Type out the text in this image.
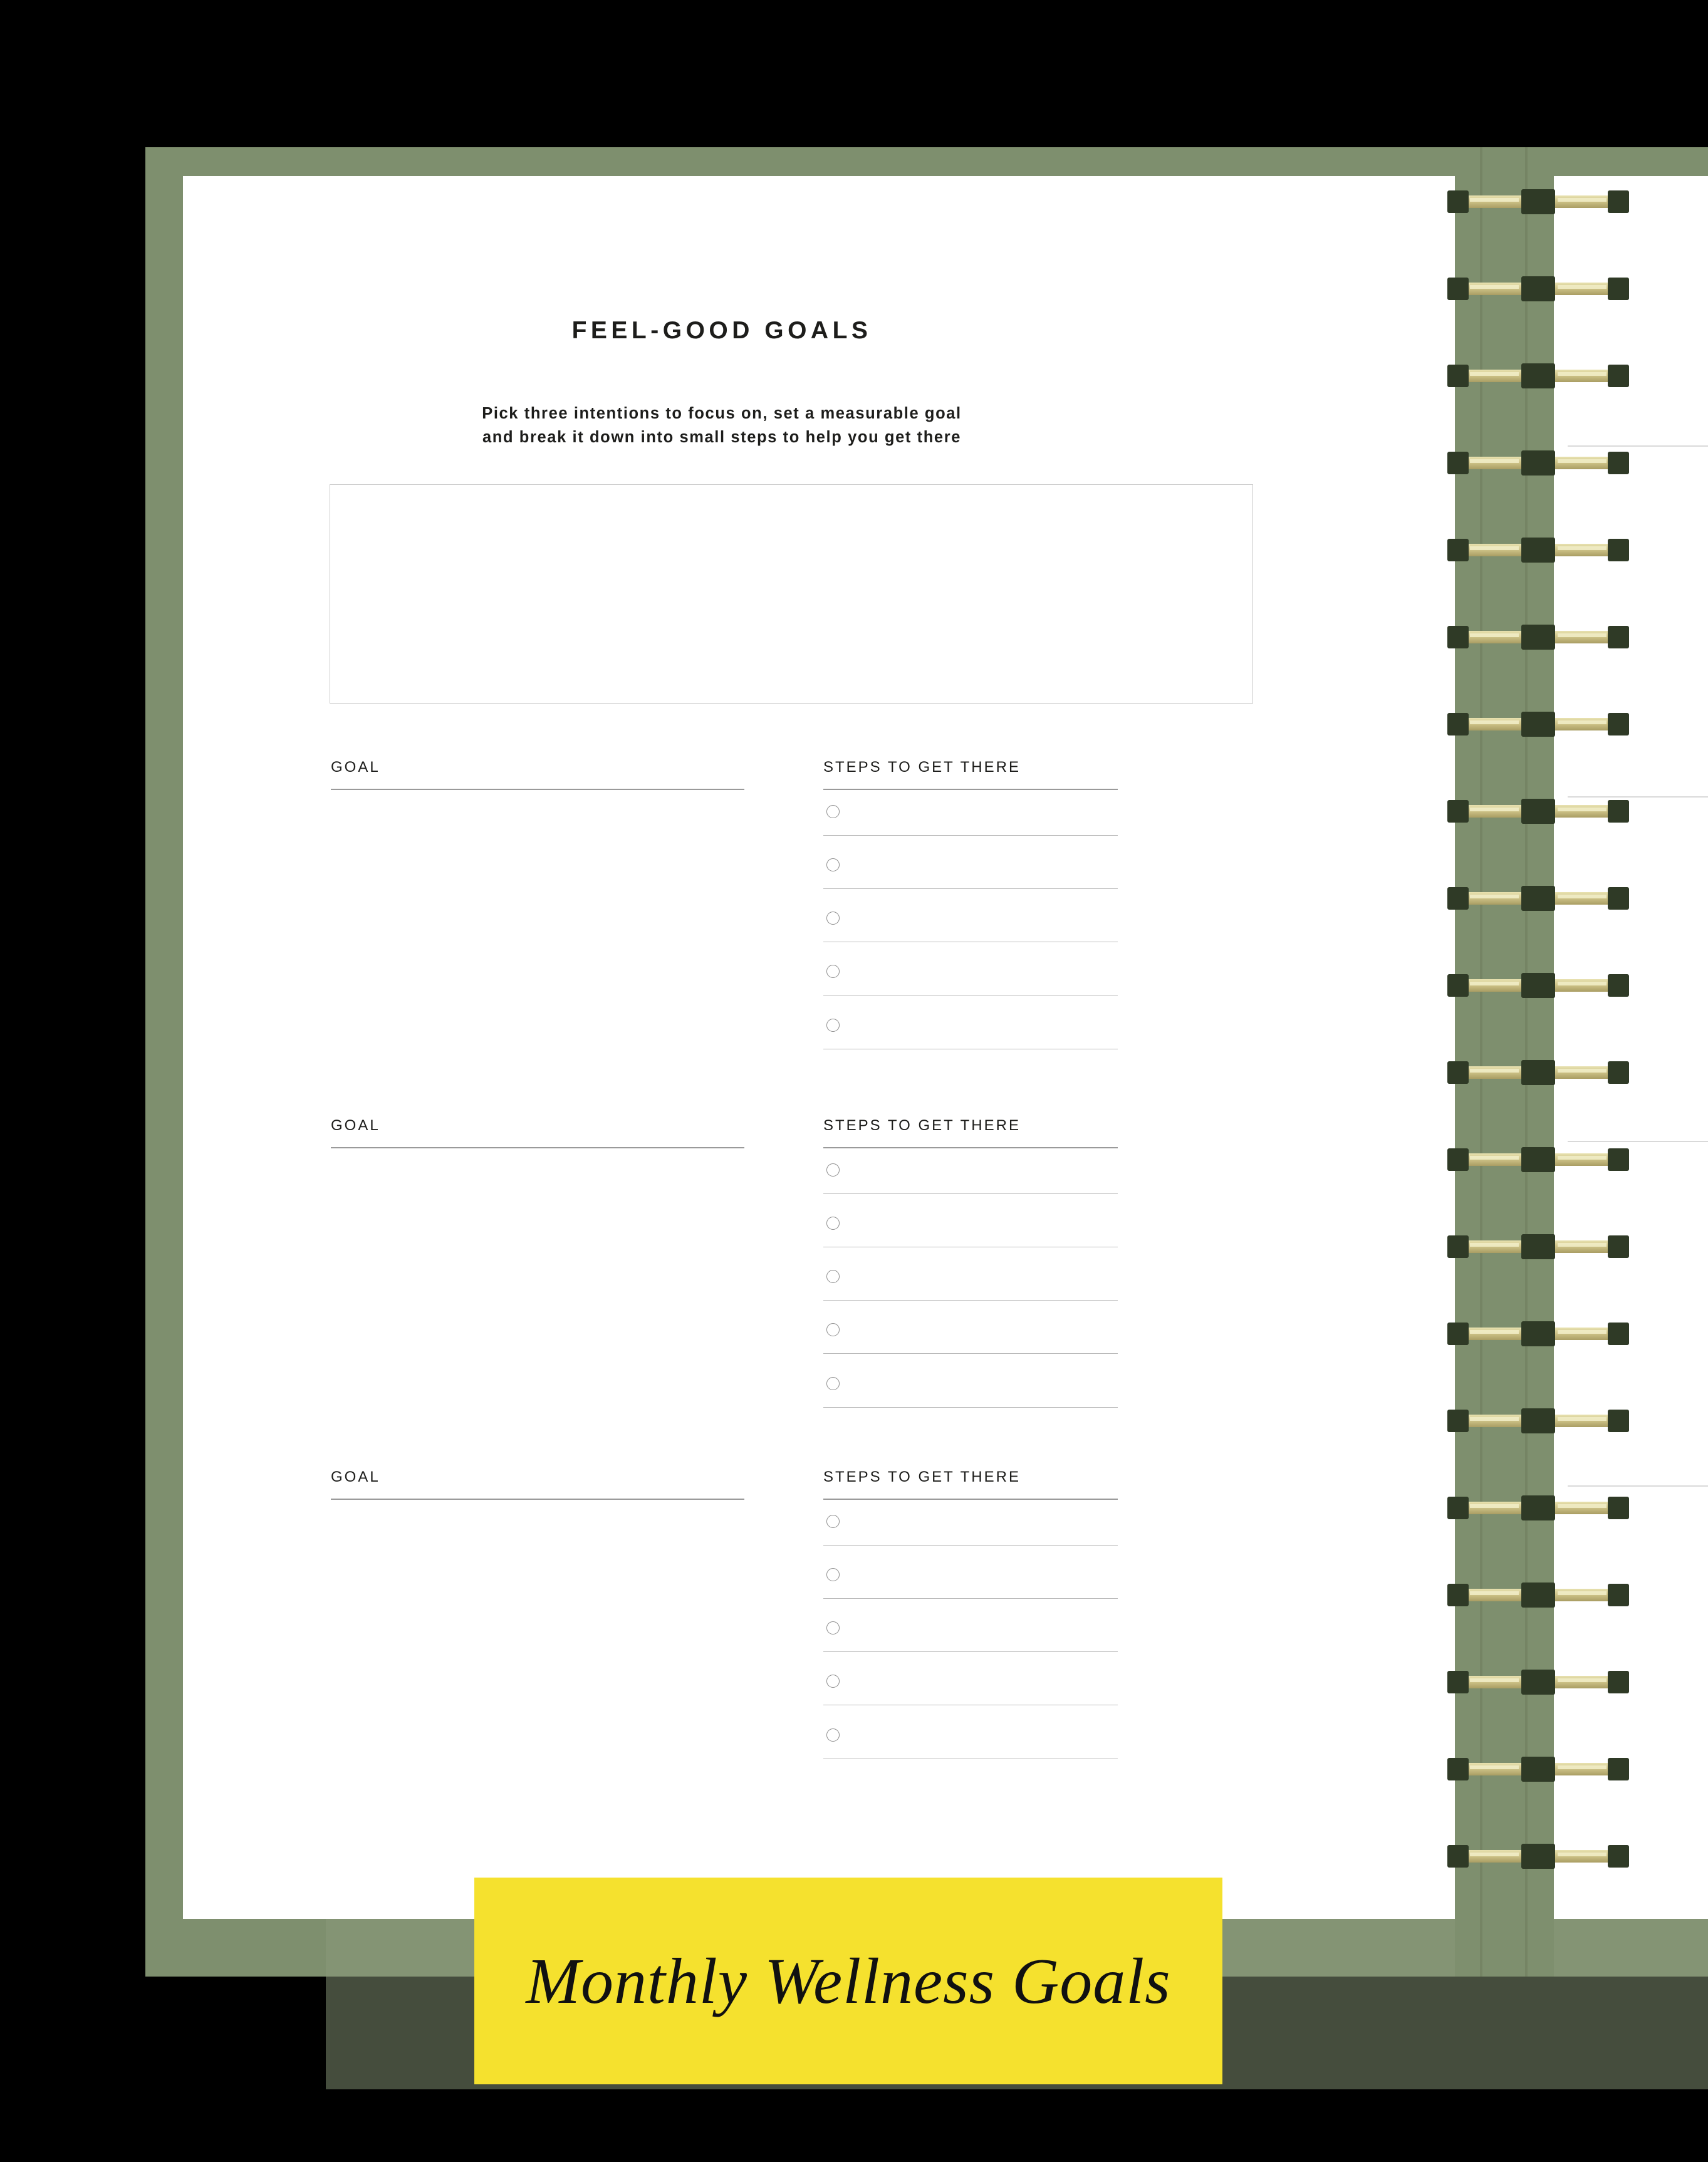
FEEL-GOOD GOALS
Pick three intentions to focus on, set a measurable goal
and break it down into small steps to help you get there
GOAL	STEPS TO GET THERE
GOAL	STEPS TO GET THERE
GOAL	STEPS TO GET THERE
Monthly Wellness Goals
